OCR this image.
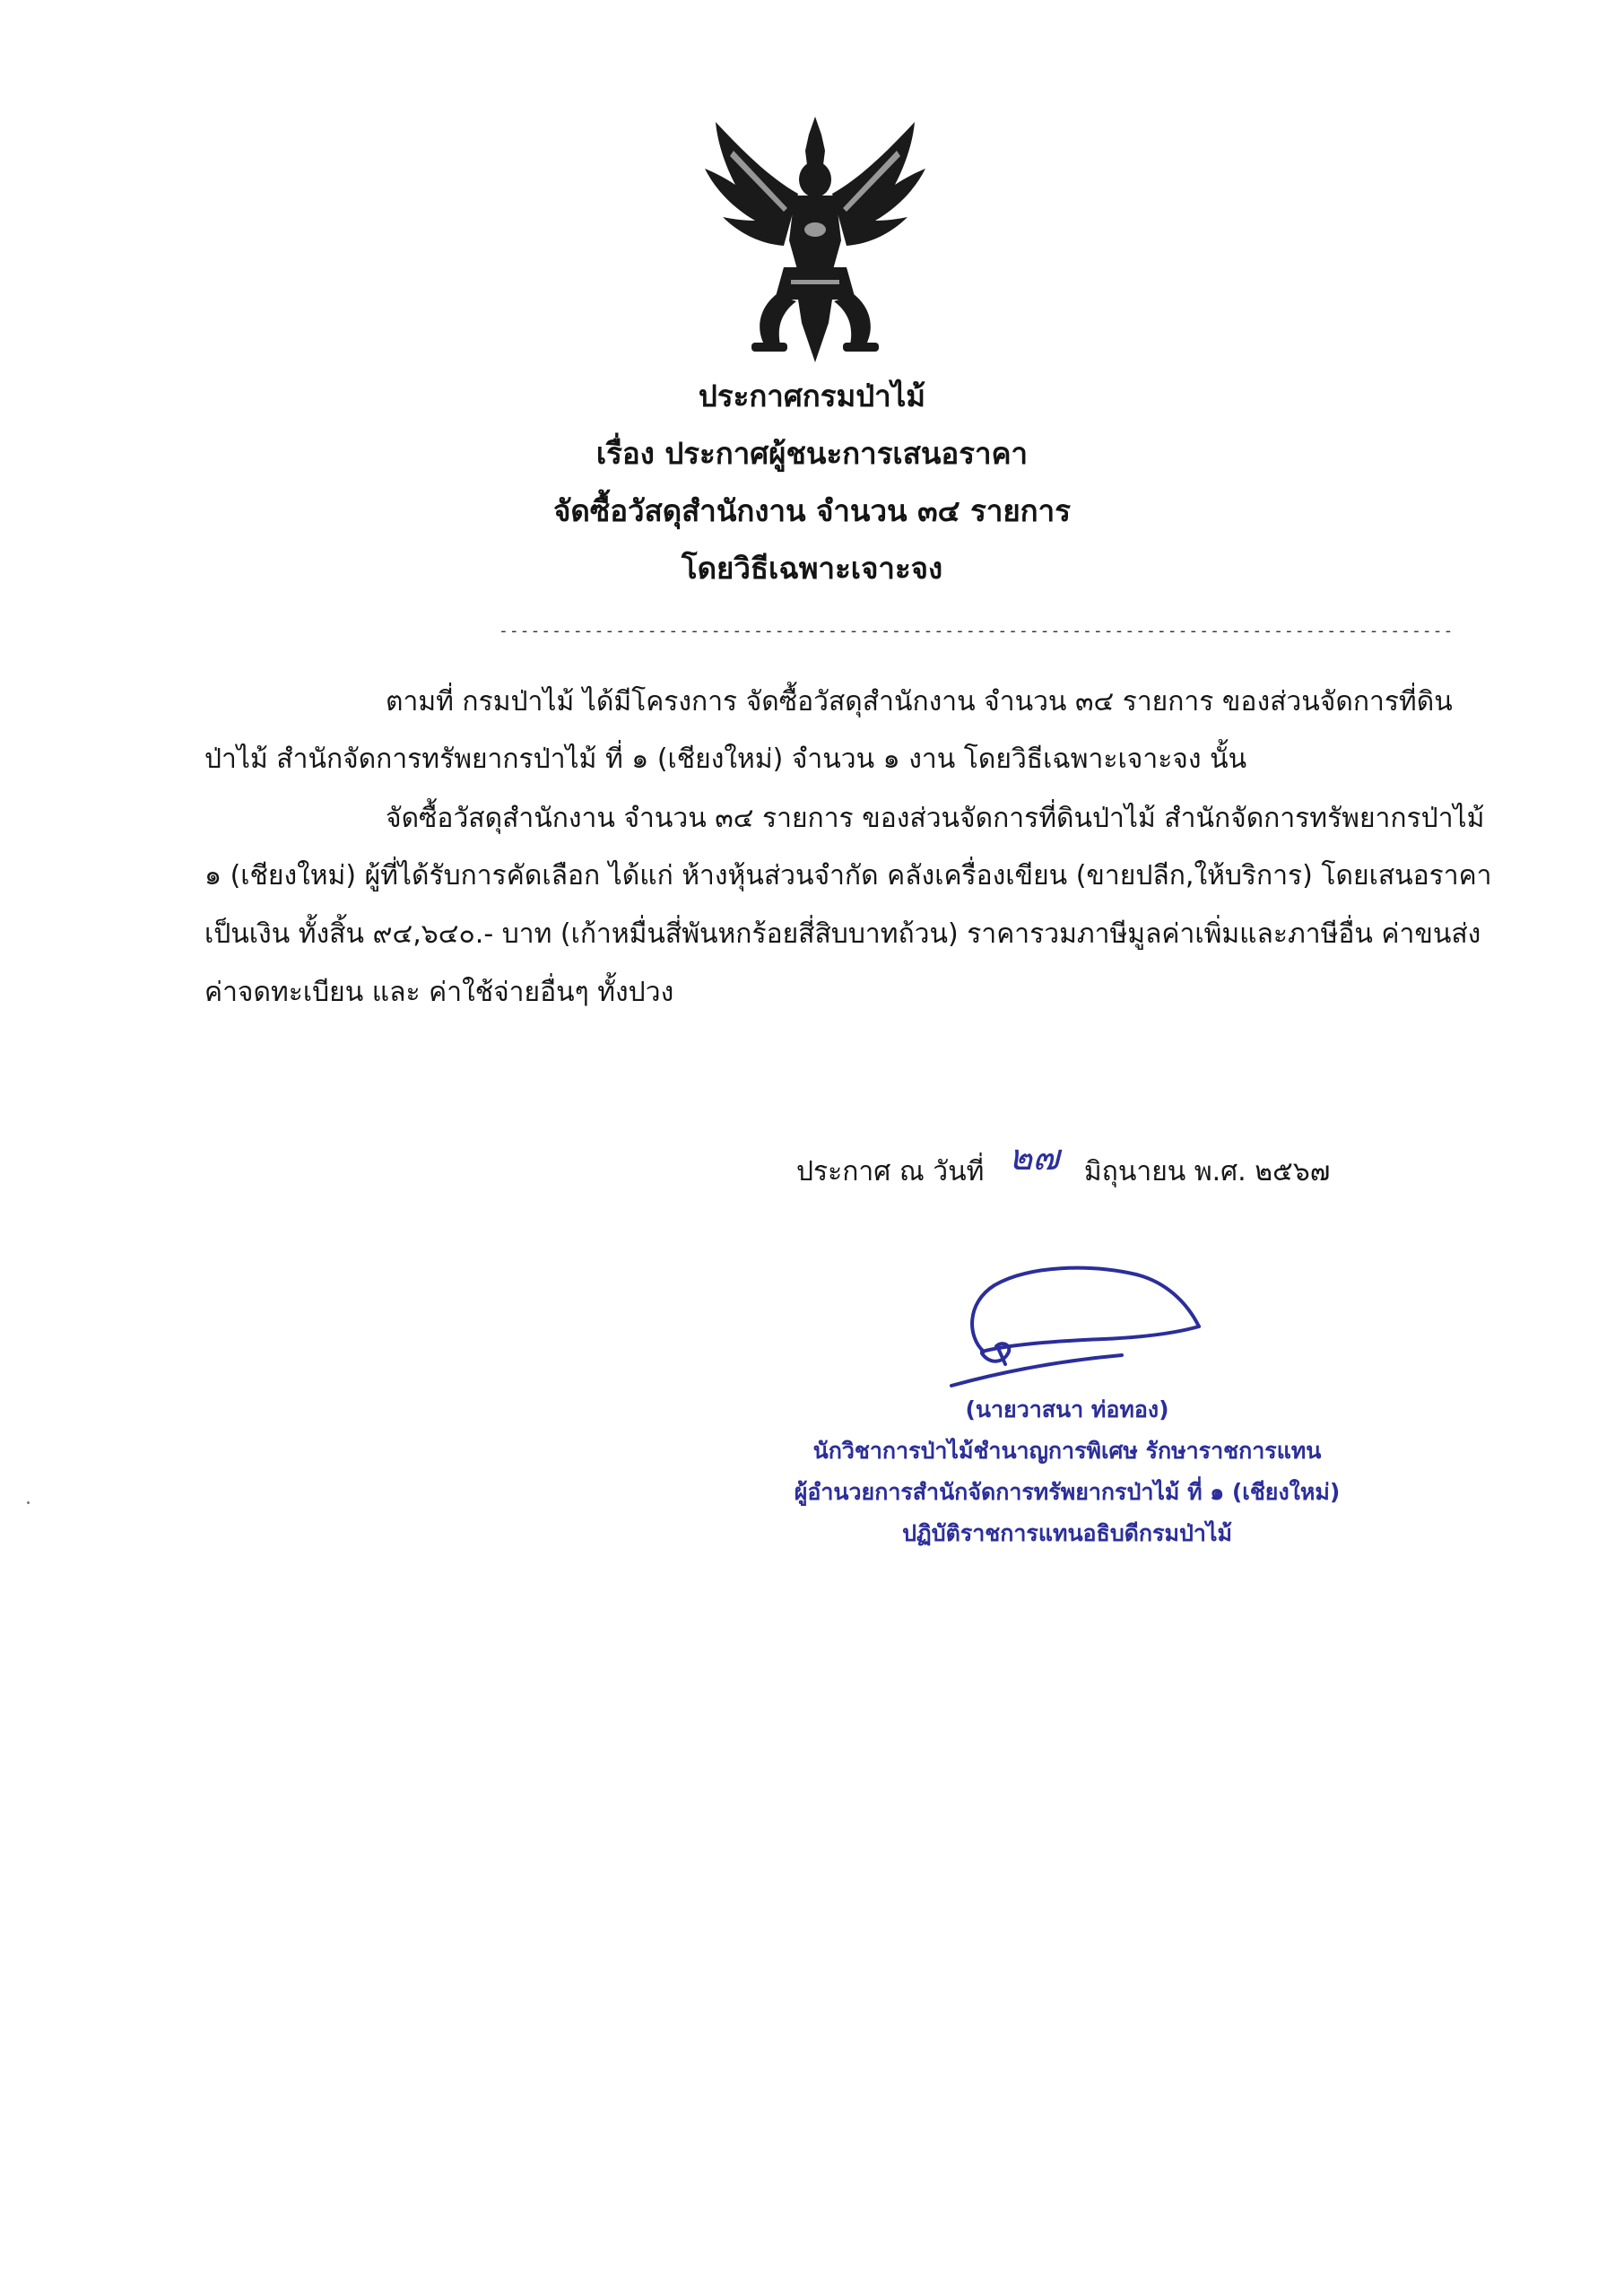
ประกาศกรมป่าไม้
เรื่อง ประกาศผู้ชนะการเสนอราคา
จัดซื้อวัสดุสำนักงาน จำนวน ๓๔ รายการ
โดยวิธีเฉพาะเจาะจง
------------------------------------------------------------------------------------------
ตามที่ กรมป่าไม้ ได้มีโครงการ จัดซื้อวัสดุสำนักงาน จำนวน ๓๔ รายการ ของส่วนจัดการที่ดิน
ป่าไม้ สำนักจัดการทรัพยากรป่าไม้ ที่ ๑ (เชียงใหม่) จำนวน ๑ งาน โดยวิธีเฉพาะเจาะจง นั้น
จัดซื้อวัสดุสำนักงาน จำนวน ๓๔ รายการ ของส่วนจัดการที่ดินป่าไม้ สำนักจัดการทรัพยากรป่าไม้
๑ (เชียงใหม่) ผู้ที่ได้รับการคัดเลือก ได้แก่ ห้างหุ้นส่วนจำกัด คลังเครื่องเขียน (ขายปลีก,ให้บริการ) โดยเสนอราคา
เป็นเงิน ทั้งสิ้น ๙๔,๖๔๐.- บาท (เก้าหมื่นสี่พันหกร้อยสี่สิบบาทถ้วน) ราคารวมภาษีมูลค่าเพิ่มและภาษีอื่น ค่าขนส่ง
ค่าจดทะเบียน และ ค่าใช้จ่ายอื่นๆ ทั้งปวง
ประกาศ ณ วันที่ ๒๗ มิถุนายน พ.ศ. ๒๕๖๗
(นายวาสนา ท่อทอง)
นักวิชาการป่าไม้ชำนาญการพิเศษ รักษาราชการแทน
ผู้อำนวยการสำนักจัดการทรัพยากรป่าไม้ ที่ ๑ (เชียงใหม่)
ปฏิบัติราชการแทนอธิบดีกรมป่าไม้
